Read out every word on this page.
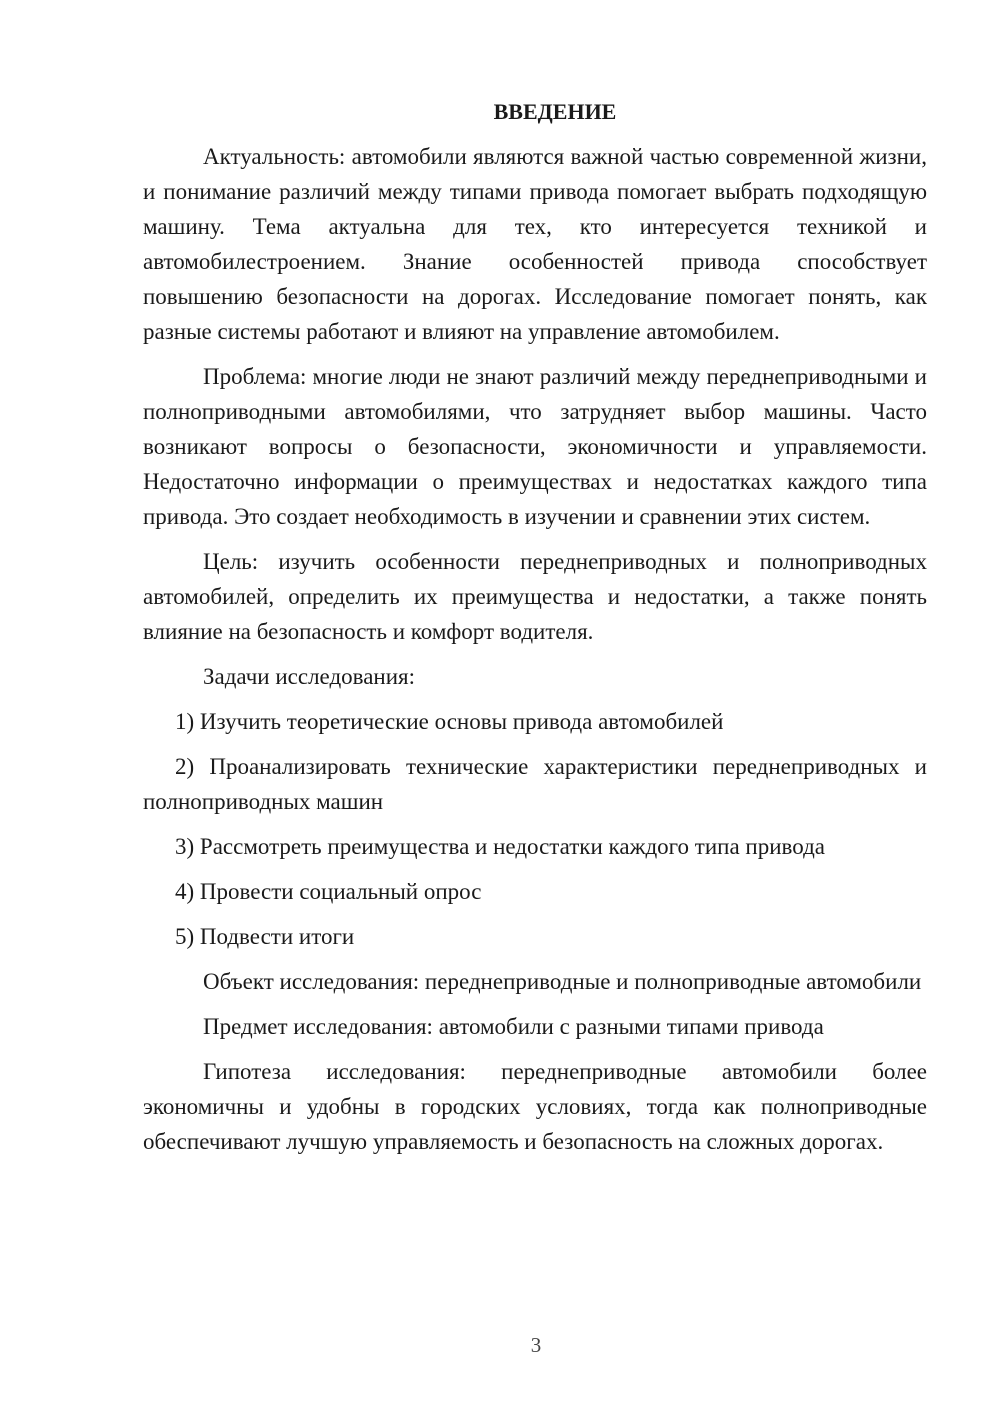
ВВЕДЕНИЕ

Актуальность: автомобили являются важной частью современной жизни, и понимание различий между типами привода помогает выбрать подходящую машину. Тема актуальна для тех, кто интересуется техникой и автомобилестроением. Знание особенностей привода способствует повышению безопасности на дорогах. Исследование помогает понять, как разные системы работают и влияют на управление автомобилем.

Проблема: многие люди не знают различий между переднеприводными и полноприводными автомобилями, что затрудняет выбор машины. Часто возникают вопросы о безопасности, экономичности и управляемости. Недостаточно информации о преимуществах и недостатках каждого типа привода. Это создает необходимость в изучении и сравнении этих систем.

Цель: изучить особенности переднеприводных и полноприводных автомобилей, определить их преимущества и недостатки, а также понять влияние на безопасность и комфорт водителя.

Задачи исследования:

1) Изучить теоретические основы привода автомобилей

2) Проанализировать технические характеристики переднеприводных и полноприводных машин

3) Рассмотреть преимущества и недостатки каждого типа привода

4) Провести социальный опрос

5) Подвести итоги

Объект исследования: переднеприводные и полноприводные автомобили

Предмет исследования: автомобили с разными типами привода

Гипотеза исследования: переднеприводные автомобили более экономичны и удобны в городских условиях, тогда как полноприводные обеспечивают лучшую управляемость и безопасность на сложных дорогах.

3
